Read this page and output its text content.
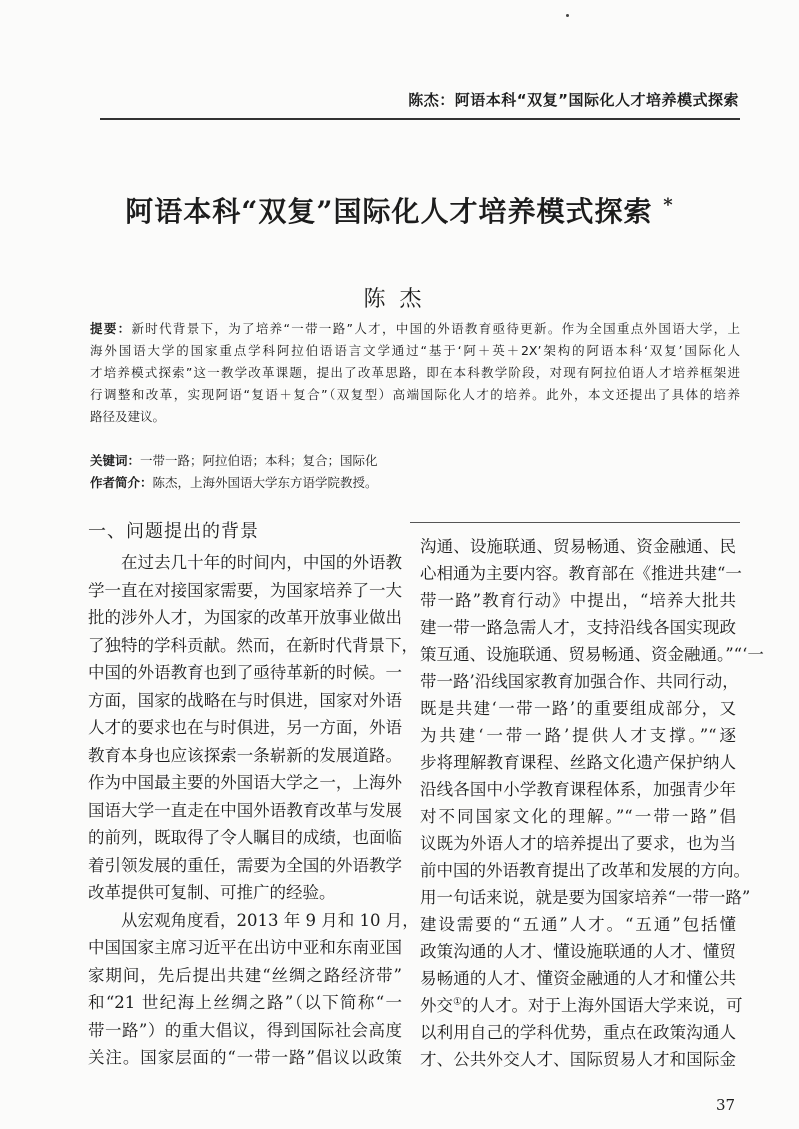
陈杰：阿语本科“双复”国际化人才培养模式探索
阿语本科“双复”国际化人才培养模式探索 *
陈杰
提要：新时代背景下，为了培养“一带一路”人才，中国的外语教育亟待更新。作为全国重点外国语大学，上
海外国语大学的国家重点学科阿拉伯语语言文学通过“基于‘阿＋英＋2X’架构的阿语本科‘双复’国际化人
才培养模式探索”这一教学改革课题，提出了改革思路，即在本科教学阶段，对现有阿拉伯语人才培养框架进
行调整和改革，实现阿语“复语＋复合”（双复型）高端国际化人才的培养。此外，本文还提出了具体的培养
路径及建议。
关键词：一带一路；阿拉伯语；本科；复合；国际化
作者简介：陈杰，上海外国语大学东方语学院教授。
一、问题提出的背景
在过去几十年的时间内，中国的外语教
学一直在对接国家需要，为国家培养了一大
批的涉外人才，为国家的改革开放事业做出
了独特的学科贡献。然而，在新时代背景下，
中国的外语教育也到了亟待革新的时候。一
方面，国家的战略在与时俱进，国家对外语
人才的要求也在与时俱进，另一方面，外语
教育本身也应该探索一条崭新的发展道路。
作为中国最主要的外国语大学之一，上海外
国语大学一直走在中国外语教育改革与发展
的前列，既取得了令人瞩目的成绩，也面临
着引领发展的重任，需要为全国的外语教学
改革提供可复制、可推广的经验。
从宏观角度看，2013 年 9 月和 10 月，
中国国家主席习近平在出访中亚和东南亚国
家期间，先后提出共建“丝绸之路经济带”
和“21 世纪海上丝绸之路”（以下简称“一
带一路”）的重大倡议，得到国际社会高度
关注。国家层面的“一带一路”倡议以政策
沟通、设施联通、贸易畅通、资金融通、民
心相通为主要内容。教育部在《推进共建“一
带一路”教育行动》中提出，“培养大批共
建一带一路急需人才，支持沿线各国实现政
策互通、设施联通、贸易畅通、资金融通。”“‘一
带一路’沿线国家教育加强合作、共同行动，
既是共建‘一带一路’的重要组成部分，又
为共建‘一带一路’提供人才支撑。”“逐
步将理解教育课程、丝路文化遗产保护纳人
沿线各国中小学教育课程体系，加强青少年
对不同国家文化的理解。”“一带一路”倡
议既为外语人才的培养提出了要求，也为当
前中国的外语教育提出了改革和发展的方向。
用一句话来说，就是要为国家培养“一带一路”
建设需要的“五通”人才。“五通”包括懂
政策沟通的人才、懂设施联通的人才、懂贸
易畅通的人才、懂资金融通的人才和懂公共
外交①的人才。对于上海外国语大学来说，可
以利用自己的学科优势，重点在政策沟通人
才、公共外交人才、国际贸易人才和国际金
37
